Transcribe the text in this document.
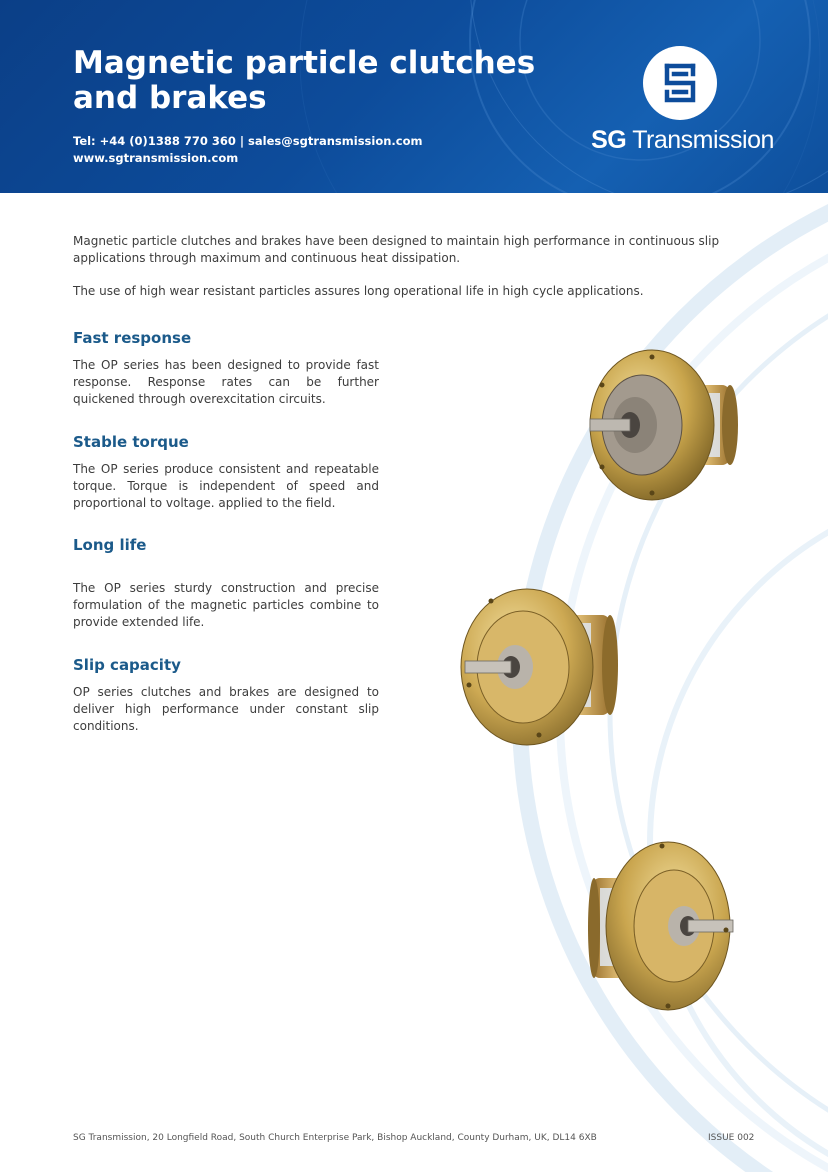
Magnetic particle clutches and brakes
Tel: +44 (0)1388 770 360 | sales@sgtransmission.com
www.sgtransmission.com
SG Transmission

Magnetic particle clutches and brakes have been designed to maintain high performance in continuous slip applications through maximum and continuous heat dissipation.

The use of high wear resistant particles assures long operational life in high cycle applications.

Fast response

The OP series has been designed to provide fast response. Response rates can be further quickened through overexcitation circuits.

Stable torque

The OP series produce consistent and repeatable torque. Torque is independent of speed and proportional to voltage. applied to the field.

Long life

The OP series sturdy construction and precise formulation of the magnetic particles combine to provide extended life.

Slip capacity

OP series clutches and brakes are designed to deliver high performance under constant slip conditions.

SG Transmission, 20 Longfield Road, South Church Enterprise Park, Bishop Auckland, County Durham, UK, DL14 6XB	ISSUE 002
